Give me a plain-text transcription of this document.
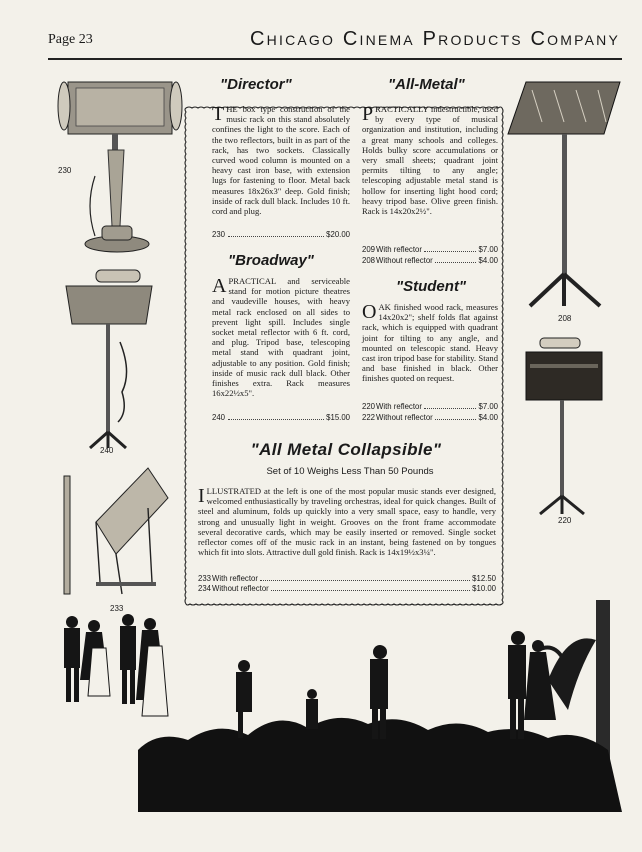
Page 23	Chicago Cinema Products Company
"Director"
THE box type construction of the music rack on this stand absolutely confines the light to the score. Each of the two reflectors, built in as part of the rack, has two sockets. Classically curved wood column is mounted on a heavy cast iron base, with extension lugs for fastening to floor. Metal back measures 18x26x3" deep. Gold finish; inside of rack dull black. Includes 10 ft. cord and plug.
230	$20.00
"All-Metal"
PRACTICALLY indestructible, used by every type of musical organization and institution, including a great many schools and colleges. Holds bulky score accumulations or very small sheets; quadrant joint permits tilting to any angle; telescoping adjustable metal stand is hollow for inserting light hood cord; heavy tripod base. Olive green finish. Rack is 14x20x2½".
209 With reflector	$7.00
208 Without reflector	$4.00
"Broadway"
APRACTICAL and serviceable stand for motion picture theatres and vaudeville houses, with heavy metal rack enclosed on all sides to prevent light spill. Includes single socket metal reflector with 6 ft. cord, and plug. Tripod base, telescoping metal stand with quadrant joint, adjustable to any position. Gold finish; inside of music rack dull black. Other finishes extra. Rack measures 16x22½x5".
240	$15.00
"Student"
OAK finished wood rack, measures 14x20x2"; shelf folds flat against rack, which is equipped with quadrant joint for tilting to any angle, and mounted on telescopic stand. Heavy cast iron tripod base for stability. Stand and base finished in black. Other finishes quoted on request.
220 With reflector	$7.00
222 Without reflector	$4.00
"All Metal Collapsible"
Set of 10 Weighs Less Than 50 Pounds
ILLUSTRATED at the left is one of the most popular music stands ever designed, welcomed enthusiastically by traveling orchestras, ideal for quick changes. Built of steel and aluminum, folds up quickly into a very small space, easy to handle, very strong and unusually light in weight. Grooves on the front frame accommodate several decorative cards, which may be easily inserted or removed. Single socket reflector comes off of the music rack in an instant, being fastened on by tongues which fit into slots. Attractive dull gold finish. Rack is 14x19½x3¼".
233 With reflector	$12.50
234 Without reflector	$10.00
230
240
233
208
220
